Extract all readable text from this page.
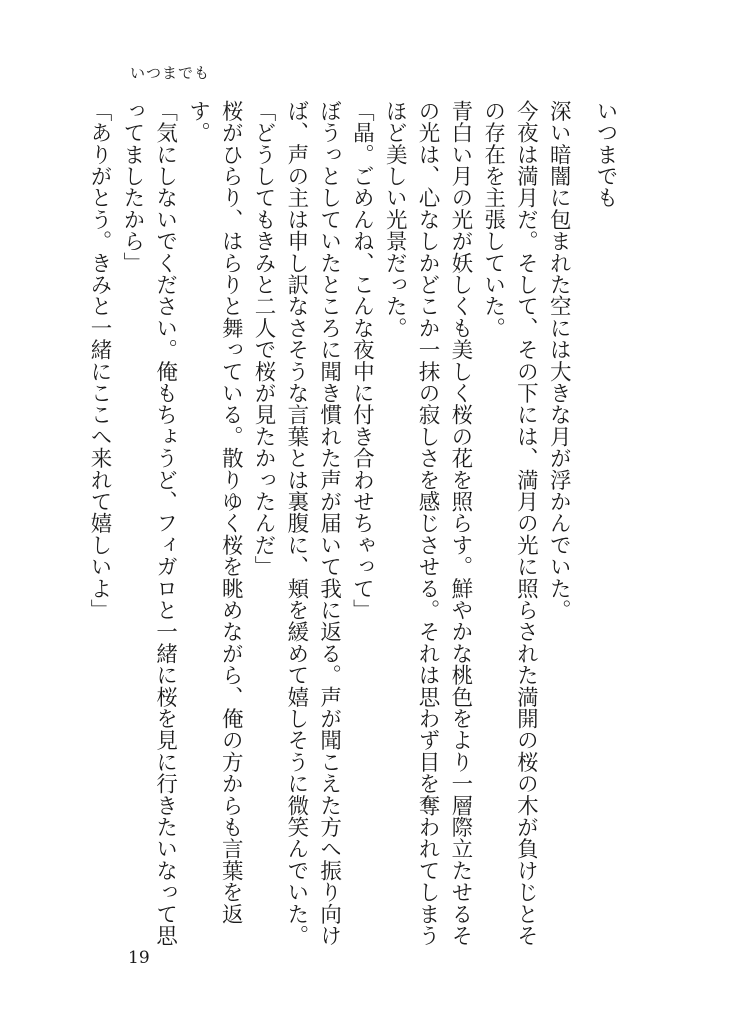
いつまでも

いつまでも

深い暗闇に包まれた空には大きな月が浮かんでいた。

今夜は満月だ。そして、その下には、満月の光に照らされた満開の桜の木が負けじとその存在を主張していた。

青白い月の光が妖しくも美しく桜の花を照らす。鮮やかな桃色をより一層際立たせるその光は、心なしかどこか一抹の寂しさを感じさせる。それは思わず目を奪われてしまうほど美しい光景だった。

「晶。ごめんね、こんな夜中に付き合わせちゃって」

ぼうっとしていたところに聞き慣れた声が届いて我に返る。声が聞こえた方へ振り向けば、声の主は申し訳なさそうな言葉とは裏腹に、頬を緩めて嬉しそうに微笑んでいた。

「どうしてもきみと二人で桜が見たかったんだ」

桜がひらり、はらりと舞っている。散りゆく桜を眺めながら、俺の方からも言葉を返す。

「気にしないでください。俺もちょうど、フィガロと一緒に桜を見に行きたいなって思ってましたから」

「ありがとう。きみと一緒にここへ来れて嬉しいよ」

19
